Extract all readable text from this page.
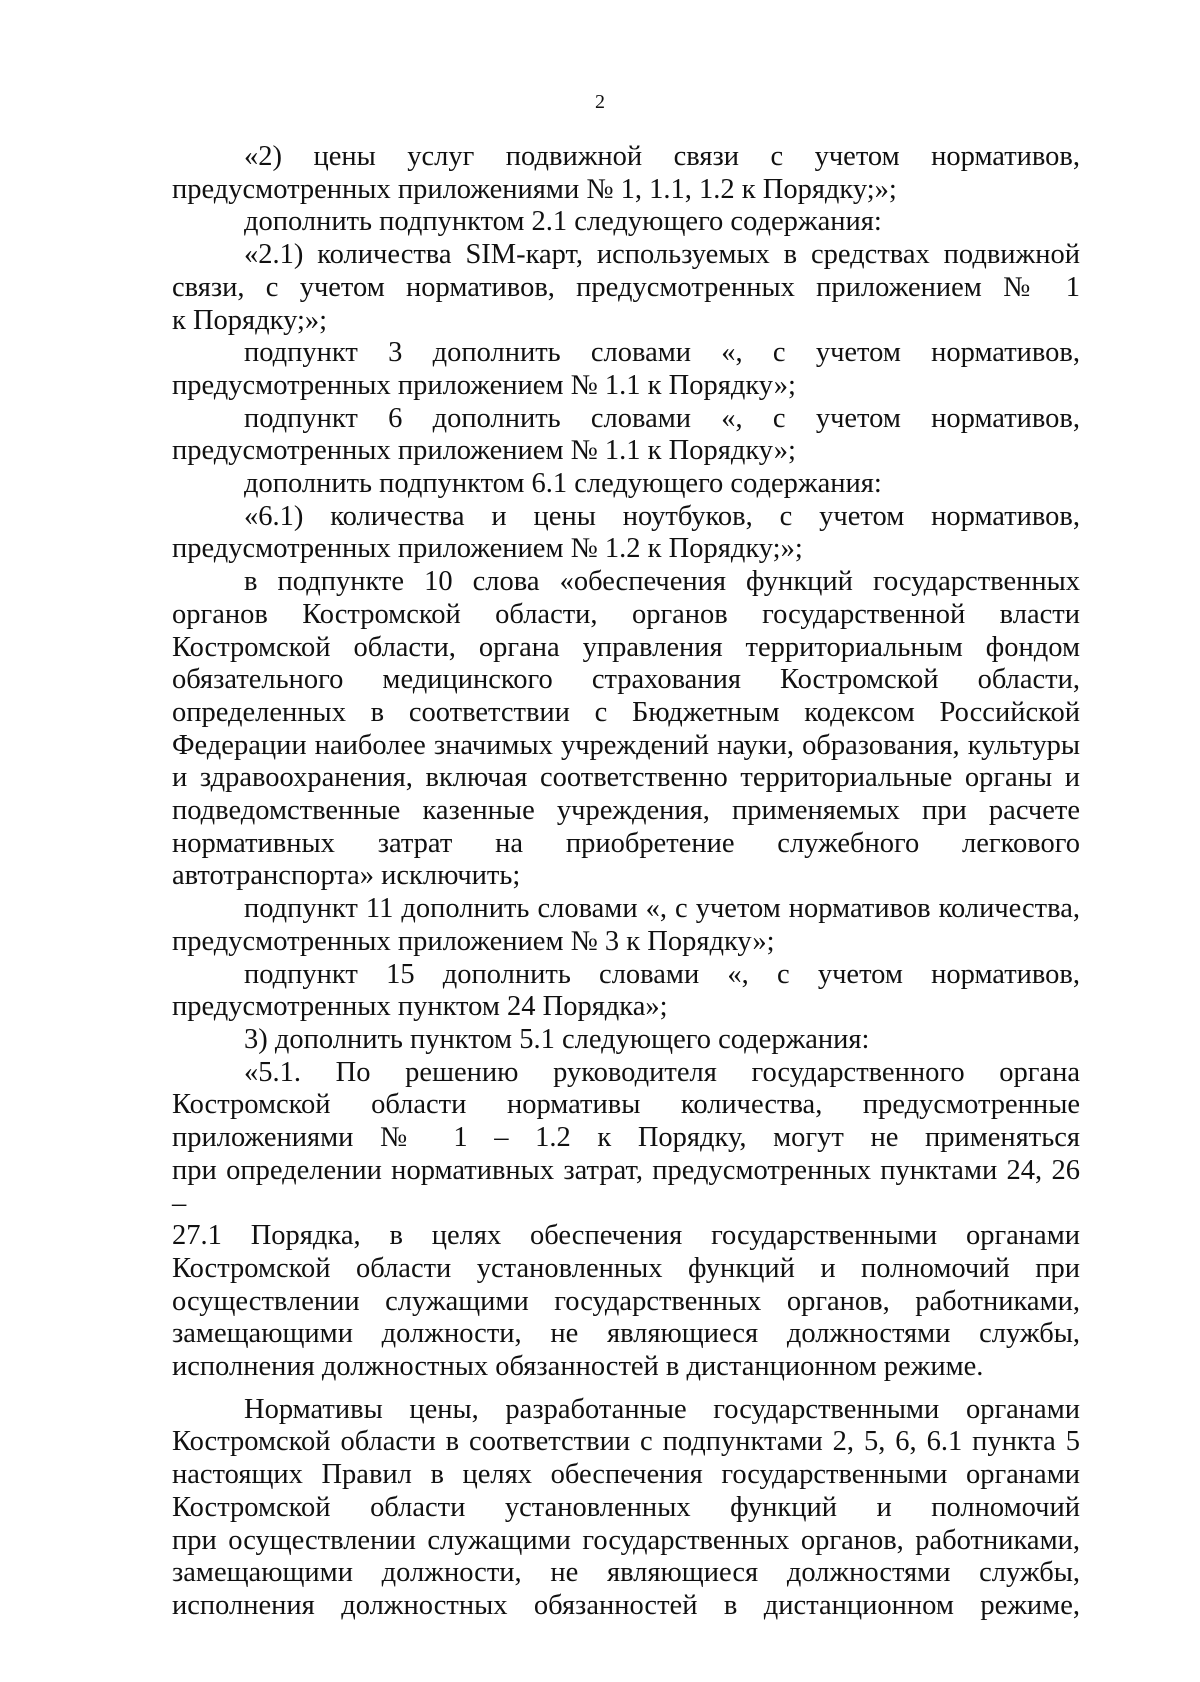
2
«2) цены услуг подвижной связи с учетом нормативов,
предусмотренных приложениями № 1, 1.1, 1.2 к Порядку;»;
дополнить подпунктом 2.1 следующего содержания:
«2.1) количества SIM-карт, используемых в средствах подвижной
связи, с учетом нормативов, предусмотренных приложением № 1
к Порядку;»;
подпункт 3 дополнить словами «, с учетом нормативов,
предусмотренных приложением № 1.1 к Порядку»;
подпункт 6 дополнить словами «, с учетом нормативов,
предусмотренных приложением № 1.1 к Порядку»;
дополнить подпунктом 6.1 следующего содержания:
«6.1) количества и цены ноутбуков, с учетом нормативов,
предусмотренных приложением № 1.2 к Порядку;»;
в подпункте 10 слова «обеспечения функций государственных
органов Костромской области, органов государственной власти
Костромской области, органа управления территориальным фондом
обязательного медицинского страхования Костромской области,
определенных в соответствии с Бюджетным кодексом Российской
Федерации наиболее значимых учреждений науки, образования, культуры
и здравоохранения, включая соответственно территориальные органы и
подведомственные казенные учреждения, применяемых при расчете
нормативных затрат на приобретение служебного легкового
автотранспорта» исключить;
подпункт 11 дополнить словами «, с учетом нормативов количества,
предусмотренных приложением № 3 к Порядку»;
подпункт 15 дополнить словами «, с учетом нормативов,
предусмотренных пунктом 24 Порядка»;
3) дополнить пунктом 5.1 следующего содержания:
«5.1. По решению руководителя государственного органа
Костромской области нормативы количества, предусмотренные
приложениями № 1 – 1.2 к Порядку, могут не применяться
при определении нормативных затрат, предусмотренных пунктами 24, 26 –
27.1 Порядка, в целях обеспечения государственными органами
Костромской области установленных функций и полномочий при
осуществлении служащими государственных органов, работниками,
замещающими должности, не являющиеся должностями службы,
исполнения должностных обязанностей в дистанционном режиме.
Нормативы цены, разработанные государственными органами
Костромской области в соответствии с подпунктами 2, 5, 6, 6.1 пункта 5
настоящих Правил в целях обеспечения государственными органами
Костромской области установленных функций и полномочий
при осуществлении служащими государственных органов, работниками,
замещающими должности, не являющиеся должностями службы,
исполнения должностных обязанностей в дистанционном режиме,
